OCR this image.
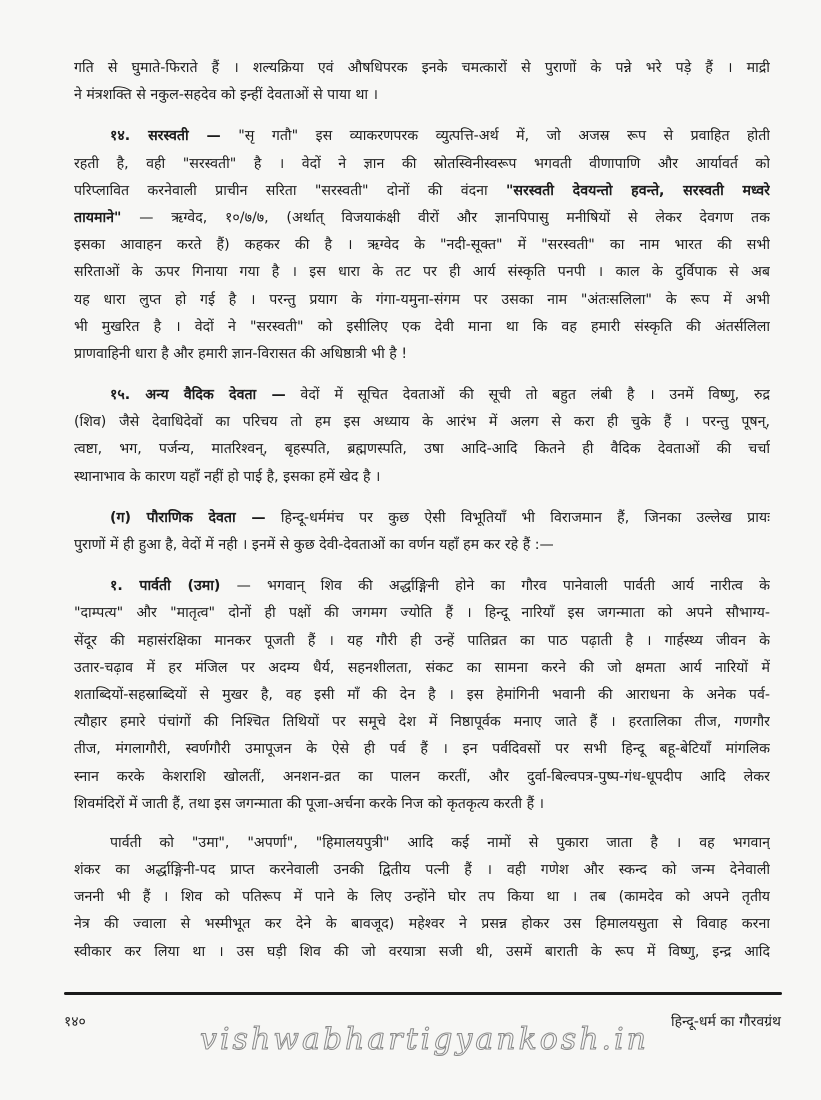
गति से घुमाते-फिराते हैं । शल्यक्रिया एवं औषधिपरक इनके चमत्कारों से पुराणों के पन्ने भरे पड़े हैं । माद्री
ने मंत्रशक्ति से नकुल-सहदेव को इन्हीं देवताओं से पाया था ।
१४. सरस्वती — "सृ गतौ" इस व्याकरणपरक व्युत्पत्ति-अर्थ में, जो अजस्र रूप से प्रवाहित होती
रहती है, वही "सरस्वती" है । वेदों ने ज्ञान की स्रोतस्विनीस्वरूप भगवती वीणापाणि और आर्यावर्त को
परिप्लावित करनेवाली प्राचीन सरिता "सरस्वती" दोनों की वंदना "सरस्वती देवयन्तो हवन्ते, सरस्वती मध्वरे
तायमाने" — ऋग्वेद, १०/७/७, (अर्थात् विजयाकंक्षी वीरों और ज्ञानपिपासु मनीषियों से लेकर देवगण तक
इसका आवाहन करते हैं) कहकर की है । ऋग्वेद के "नदी-सूक्त" में "सरस्वती" का नाम भारत की सभी
सरिताओं के ऊपर गिनाया गया है । इस धारा के तट पर ही आर्य संस्कृति पनपी । काल के दुर्विपाक से अब
यह धारा लुप्त हो गई है । परन्तु प्रयाग के गंगा-यमुना-संगम पर उसका नाम "अंतःसलिला" के रूप में अभी
भी मुखरित है । वेदों ने "सरस्वती" को इसीलिए एक देवी माना था कि वह हमारी संस्कृति की अंतर्सलिला
प्राणवाहिनी धारा है और हमारी ज्ञान-विरासत की अधिष्ठात्री भी है !
१५. अन्य वैदिक देवता — वेदों में सूचित देवताओं की सूची तो बहुत लंबी है । उनमें विष्णु, रुद्र
(शिव) जैसे देवाधिदेवों का परिचय तो हम इस अध्याय के आरंभ में अलग से करा ही चुके हैं । परन्तु पूषन्,
त्वष्टा, भग, पर्जन्य, मातरिश्वन्, बृहस्पति, ब्रह्मणस्पति, उषा आदि-आदि कितने ही वैदिक देवताओं की चर्चा
स्थानाभाव के कारण यहाँ नहीं हो पाई है, इसका हमें खेद है ।
(ग) पौराणिक देवता — हिन्दू-धर्ममंच पर कुछ ऐसी विभूतियाँ भी विराजमान हैं, जिनका उल्लेख प्रायः
पुराणों में ही हुआ है, वेदों में नही । इनमें से कुछ देवी-देवताओं का वर्णन यहाँ हम कर रहे हैं :—
१. पार्वती (उमा) — भगवान् शिव की अर्द्धाङ्गिनी होने का गौरव पानेवाली पार्वती आर्य नारीत्व के
"दाम्पत्य" और "मातृत्व" दोनों ही पक्षों की जगमग ज्योति हैं । हिन्दू नारियाँ इस जगन्माता को अपने सौभाग्य-
सेंदूर की महासंरक्षिका मानकर पूजती हैं । यह गौरी ही उन्हें पातिव्रत का पाठ पढ़ाती है । गार्हस्थ्य जीवन के
उतार-चढ़ाव में हर मंजिल पर अदम्य धैर्य, सहनशीलता, संकट का सामना करने की जो क्षमता आर्य नारियों में
शताब्दियों-सहस्राब्दियों से मुखर है, वह इसी माँ की देन है । इस हेमांगिनी भवानी की आराधना के अनेक पर्व-
त्यौहार हमारे पंचांगों की निश्चित तिथियों पर समूचे देश में निष्ठापूर्वक मनाए जाते हैं । हरतालिका तीज, गणगौर
तीज, मंगलागौरी, स्वर्णगौरी उमापूजन के ऐसे ही पर्व हैं । इन पर्वदिवसों पर सभी हिन्दू बहू-बेटियाँ मांगलिक
स्नान करके केशराशि खोलतीं, अनशन-व्रत का पालन करतीं, और दुर्वा-बिल्वपत्र-पुष्प-गंध-धूपदीप आदि लेकर
शिवमंदिरों में जाती हैं, तथा इस जगन्माता की पूजा-अर्चना करके निज को कृतकृत्य करती हैं ।
पार्वती को "उमा", "अपर्णा", "हिमालयपुत्री" आदि कई नामों से पुकारा जाता है । वह भगवान्
शंकर का अर्द्धाङ्गिनी-पद प्राप्त करनेवाली उनकी द्वितीय पत्नी हैं । वही गणेश और स्कन्द को जन्म देनेवाली
जननी भी हैं । शिव को पतिरूप में पाने के लिए उन्होंने घोर तप किया था । तब (कामदेव को अपने तृतीय
नेत्र की ज्वाला से भस्मीभूत कर देने के बावजूद) महेश्वर ने प्रसन्न होकर उस हिमालयसुता से विवाह करना
स्वीकार कर लिया था । उस घड़ी शिव की जो वरयात्रा सजी थी, उसमें बाराती के रूप में विष्णु, इन्द्र आदि
१४०	हिन्दू-धर्म का गौरवग्रंथ
vishwabhartigyankosh.in
